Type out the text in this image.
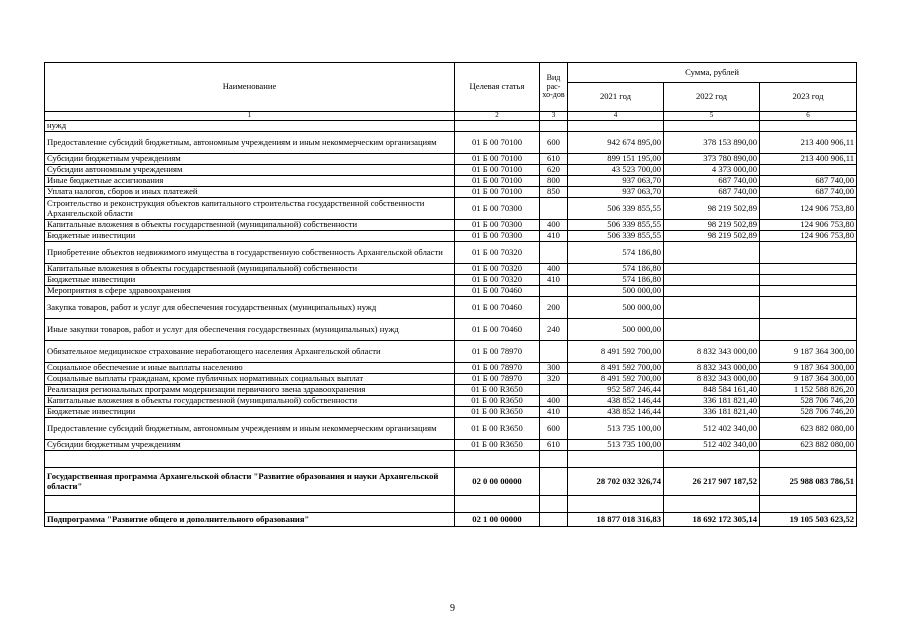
Наименование	Целевая статья	Вид рас-хо-дов	Сумма, рублей		
			2021 год	2022 год	2023 год
1	2	3	4	5	6
нужд					
Предоставление субсидий бюджетным, автономным учреждениям и иным некоммерческим организациям	01 Б 00 70100	600	942 674 895,00	378 153 890,00	213 400 906,11
Субсидии бюджетным учреждениям	01 Б 00 70100	610	899 151 195,00	373 780 890,00	213 400 906,11
Субсидии автономным учреждениям	01 Б 00 70100	620	43 523 700,00	4 373 000,00	
Иные бюджетные ассигнования	01 Б 00 70100	800	937 063,70	687 740,00	687 740,00
Уплата налогов, сборов и иных платежей	01 Б 00 70100	850	937 063,70	687 740,00	687 740,00
Строительство и реконструкция объектов капитального строительства государственной собственности Архангельской области	01 Б 00 70300		506 339 855,55	98 219 502,89	124 906 753,80
Капитальные вложения в объекты государственной (муниципальной) собственности	01 Б 00 70300	400	506 339 855,55	98 219 502,89	124 906 753,80
Бюджетные инвестиции	01 Б 00 70300	410	506 339 855,55	98 219 502,89	124 906 753,80
Приобретение объектов недвижимого имущества в государственную собственность Архангельской области	01 Б 00 70320		574 186,80		
Капитальные вложения в объекты государственной (муниципальной) собственности	01 Б 00 70320	400	574 186,80		
Бюджетные инвестиции	01 Б 00 70320	410	574 186,80		
Мероприятия в сфере здравоохранения	01 Б 00 70460		500 000,00		
Закупка товаров, работ и услуг для обеспечения государственных (муниципальных) нужд	01 Б 00 70460	200	500 000,00		
Иные закупки товаров, работ и услуг для обеспечения государственных (муниципальных) нужд	01 Б 00 70460	240	500 000,00		
Обязательное медицинское страхование неработающего населения Архангельской области	01 Б 00 78970		8 491 592 700,00	8 832 343 000,00	9 187 364 300,00
Социальное обеспечение и иные выплаты населению	01 Б 00 78970	300	8 491 592 700,00	8 832 343 000,00	9 187 364 300,00
Социальные выплаты гражданам, кроме публичных нормативных социальных выплат	01 Б 00 78970	320	8 491 592 700,00	8 832 343 000,00	9 187 364 300,00
Реализация региональных программ модернизации первичного звена здравоохранения	01 Б 00 R3650		952 587 246,44	848 584 161,40	1 152 588 826,20
Капитальные вложения в объекты государственной (муниципальной) собственности	01 Б 00 R3650	400	438 852 146,44	336 181 821,40	528 706 746,20
Бюджетные инвестиции	01 Б 00 R3650	410	438 852 146,44	336 181 821,40	528 706 746,20
Предоставление субсидий бюджетным, автономным учреждениям и иным некоммерческим организациям	01 Б 00 R3650	600	513 735 100,00	512 402 340,00	623 882 080,00
Субсидии бюджетным учреждениям	01 Б 00 R3650	610	513 735 100,00	512 402 340,00	623 882 080,00

Государственная программа Архангельской области "Развитие образования и науки Архангельской области"	02 0 00 00000		28 702 032 326,74	26 217 907 187,52	25 988 083 786,51

Подпрограмма "Развитие общего и дополнительного образования"	02 1 00 00000		18 877 018 316,83	18 692 172 305,14	19 105 503 623,52
9
